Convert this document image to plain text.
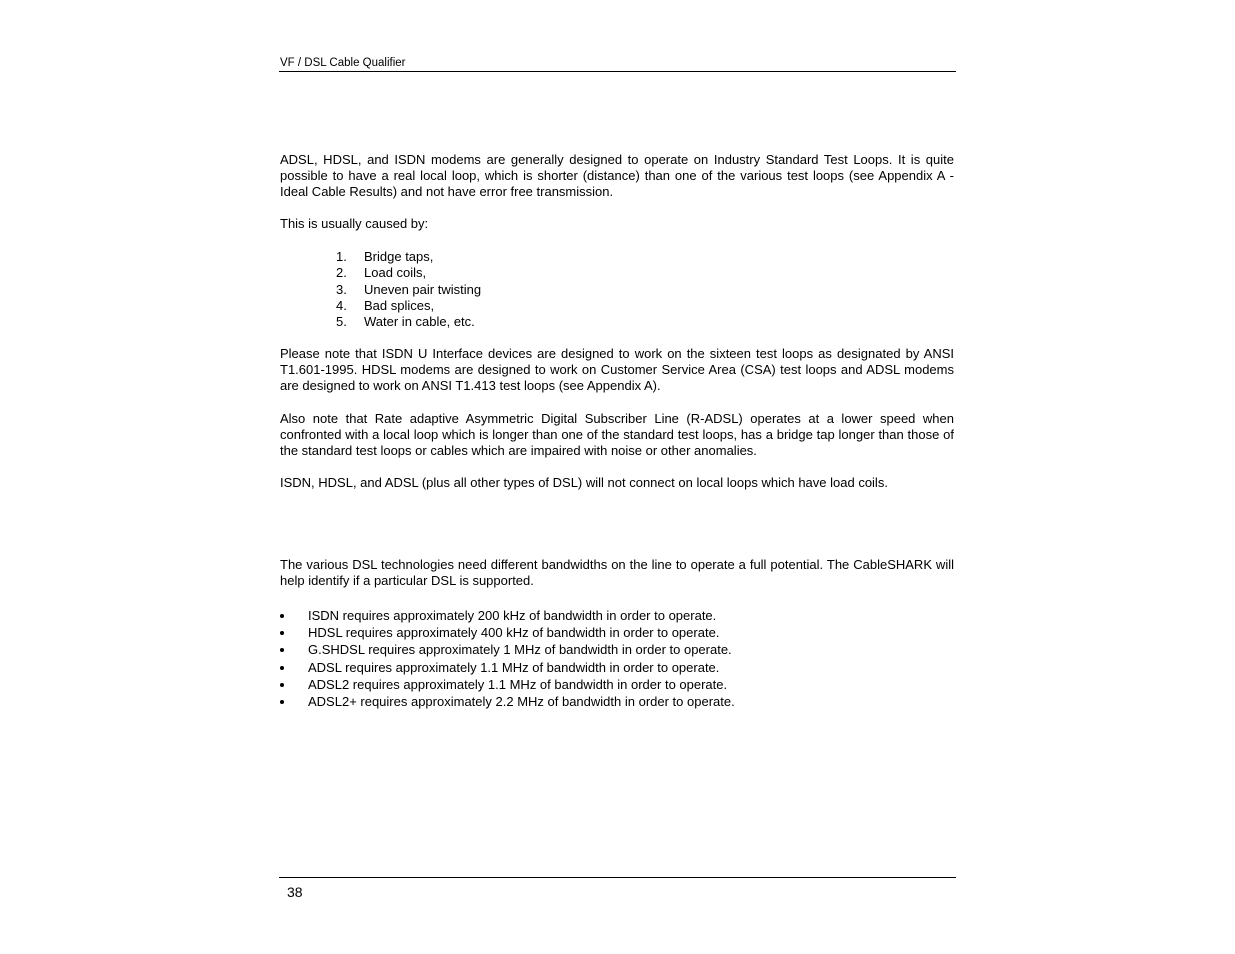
VF / DSL Cable Qualifier

ADSL, HDSL, and ISDN modems are generally designed to operate on Industry Standard Test Loops. It is quite possible to have a real local loop, which is shorter (distance) than one of the various test loops (see Appendix A - Ideal Cable Results) and not have error free transmission.

This is usually caused by:

1. Bridge taps,
2. Load coils,
3. Uneven pair twisting
4. Bad splices,
5. Water in cable, etc.

Please note that ISDN U Interface devices are designed to work on the sixteen test loops as designated by ANSI T1.601-1995. HDSL modems are designed to work on Customer Service Area (CSA) test loops and ADSL modems are designed to work on ANSI T1.413 test loops (see Appendix A).

Also note that Rate adaptive Asymmetric Digital Subscriber Line (R-ADSL) operates at a lower speed when confronted with a local loop which is longer than one of the standard test loops, has a bridge tap longer than those of the standard test loops or cables which are impaired with noise or other anomalies.

ISDN, HDSL, and ADSL (plus all other types of DSL) will not connect on local loops which have load coils.

The various DSL technologies need different bandwidths on the line to operate a full potential. The CableSHARK will help identify if a particular DSL is supported.

ISDN requires approximately 200 kHz of bandwidth in order to operate.
HDSL requires approximately 400 kHz of bandwidth in order to operate.
G.SHDSL requires approximately 1 MHz of bandwidth in order to operate.
ADSL requires approximately 1.1 MHz of bandwidth in order to operate.
ADSL2 requires approximately 1.1 MHz of bandwidth in order to operate.
ADSL2+ requires approximately 2.2 MHz of bandwidth in order to operate.
38
